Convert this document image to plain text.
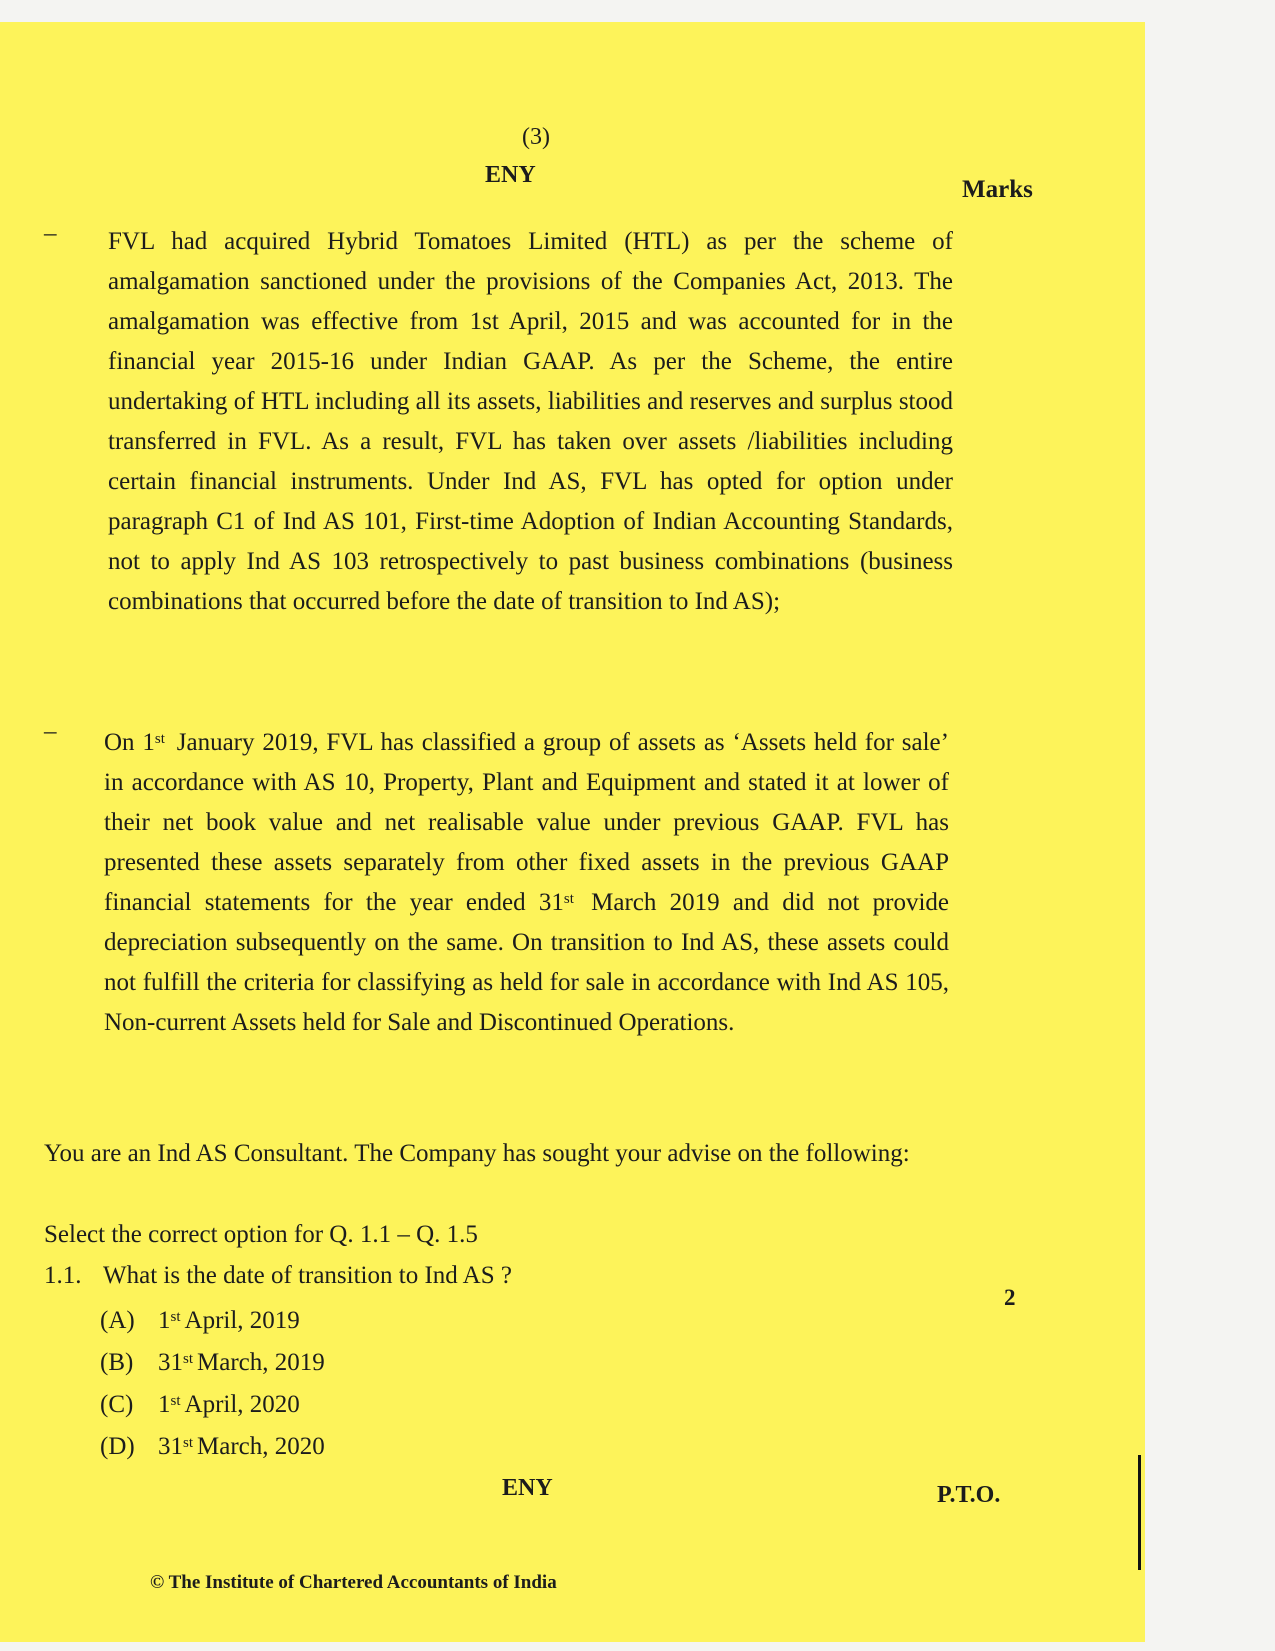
(3)
ENY
Marks
– FVL had acquired Hybrid Tomatoes Limited (HTL) as per the scheme of amalgamation sanctioned under the provisions of the Companies Act, 2013. The amalgamation was effective from 1st April, 2015 and was accounted for in the financial year 2015-16 under Indian GAAP. As per the Scheme, the entire undertaking of HTL including all its assets, liabilities and reserves and surplus stood transferred in FVL. As a result, FVL has taken over assets /liabilities including certain financial instruments. Under Ind AS, FVL has opted for option under paragraph C1 of Ind AS 101, First-time Adoption of Indian Accounting Standards, not to apply Ind AS 103 retrospectively to past business combinations (business combinations that occurred before the date of transition to Ind AS);
– On 1st January 2019, FVL has classified a group of assets as ‘Assets held for sale’ in accordance with AS 10, Property, Plant and Equipment and stated it at lower of their net book value and net realisable value under previous GAAP. FVL has presented these assets separately from other fixed assets in the previous GAAP financial statements for the year ended 31st March 2019 and did not provide depreciation subsequently on the same. On transition to Ind AS, these assets could not fulfill the criteria for classifying as held for sale in accordance with Ind AS 105, Non-current Assets held for Sale and Discontinued Operations.
You are an Ind AS Consultant. The Company has sought your advise on the following:
Select the correct option for Q. 1.1 – Q. 1.5
1.1. What is the date of transition to Ind AS ?
2
(A) 1st April, 2019
(B) 31st March, 2019
(C) 1st April, 2020
(D) 31st March, 2020
ENY	P.T.O.
© The Institute of Chartered Accountants of India
